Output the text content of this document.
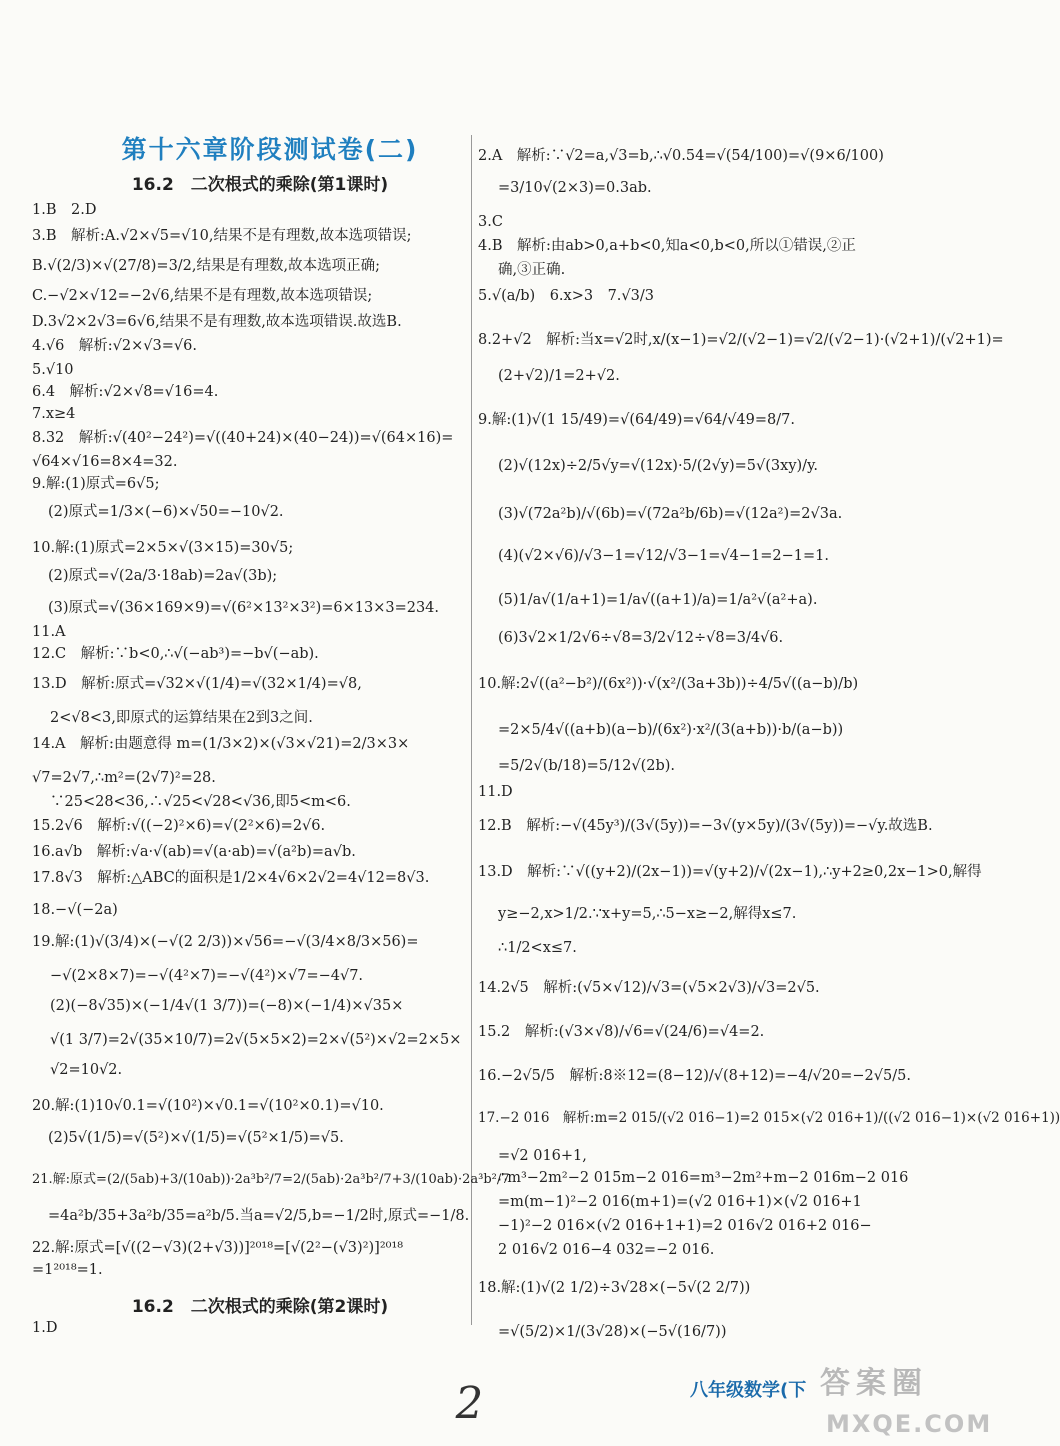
第十六章阶段测试卷(二)
16.2　二次根式的乘除(第1课时)
1.B　2.D
3.B　解析:A.√2×√5=√10,结果不是有理数,故本选项错误;
B.√(2/3)×√(27/8)=3/2,结果是有理数,故本选项正确;
C.−√2×√12=−2√6,结果不是有理数,故本选项错误;
D.3√2×2√3=6√6,结果不是有理数,故本选项错误.故选B.
4.√6　解析:√2×√3=√6.
5.√10
6.4　解析:√2×√8=√16=4.
7.x≥4
8.32　解析:√(40²−24²)=√((40+24)×(40−24))=√(64×16)=
√64×√16=8×4=32.
9.解:(1)原式=6√5;
(2)原式=1/3×(−6)×√50=−10√2.
10.解:(1)原式=2×5×√(3×15)=30√5;
(2)原式=√(2a/3·18ab)=2a√(3b);
(3)原式=√(36×169×9)=√(6²×13²×3²)=6×13×3=234.
11.A
12.C　解析:∵b<0,∴√(−ab³)=−b√(−ab).
13.D　解析:原式=√32×√(1/4)=√(32×1/4)=√8,
2<√8<3,即原式的运算结果在2到3之间.
14.A　解析:由题意得 m=(1/3×2)×(√3×√21)=2/3×3×
√7=2√7,∴m²=(2√7)²=28.
∵25<28<36,∴√25<√28<√36,即5<m<6.
15.2√6　解析:√((−2)²×6)=√(2²×6)=2√6.
16.a√b　解析:√a·√(ab)=√(a·ab)=√(a²b)=a√b.
17.8√3　解析:△ABC的面积是1/2×4√6×2√2=4√12=8√3.
18.−√(−2a)
19.解:(1)√(3/4)×(−√(2 2/3))×√56=−√(3/4×8/3×56)=
−√(2×8×7)=−√(4²×7)=−√(4²)×√7=−4√7.
(2)(−8√35)×(−1/4√(1 3/7))=(−8)×(−1/4)×√35×
√(1 3/7)=2√(35×10/7)=2√(5×5×2)=2×√(5²)×√2=2×5×
√2=10√2.
20.解:(1)10√0.1=√(10²)×√0.1=√(10²×0.1)=√10.
(2)5√(1/5)=√(5²)×√(1/5)=√(5²×1/5)=√5.
21.解:原式=(2/(5ab)+3/(10ab))·2a³b²/7=2/(5ab)·2a³b²/7+3/(10ab)·2a³b²/7
=4a²b/35+3a²b/35=a²b/5.当a=√2/5,b=−1/2时,原式=−1/8.
22.解:原式=[√((2−√3)(2+√3))]²⁰¹⁸=[√(2²−(√3)²)]²⁰¹⁸
=1²⁰¹⁸=1.
1.D
16.2　二次根式的乘除(第2课时)
2.A　解析:∵√2=a,√3=b,∴√0.54=√(54/100)=√(9×6/100)
=3/10√(2×3)=0.3ab.
3.C
4.B　解析:由ab>0,a+b<0,知a<0,b<0,所以①错误,②正
确,③正确.
5.√(a/b)　6.x>3　7.√3/3
8.2+√2　解析:当x=√2时,x/(x−1)=√2/(√2−1)=√2/(√2−1)·(√2+1)/(√2+1)=
(2+√2)/1=2+√2.
9.解:(1)√(1 15/49)=√(64/49)=√64/√49=8/7.
(2)√(12x)÷2/5√y=√(12x)·5/(2√y)=5√(3xy)/y.
(3)√(72a²b)/√(6b)=√(72a²b/6b)=√(12a²)=2√3a.
(4)(√2×√6)/√3−1=√12/√3−1=√4−1=2−1=1.
(5)1/a√(1/a+1)=1/a√((a+1)/a)=1/a²√(a²+a).
(6)3√2×1/2√6÷√8=3/2√12÷√8=3/4√6.
10.解:2√((a²−b²)/(6x²))·√(x²/(3a+3b))÷4/5√((a−b)/b)
=2×5/4√((a+b)(a−b)/(6x²)·x²/(3(a+b))·b/(a−b))
=5/2√(b/18)=5/12√(2b).
11.D
12.B　解析:−√(45y³)/(3√(5y))=−3√(y×5y)/(3√(5y))=−√y.故选B.
13.D　解析:∵√((y+2)/(2x−1))=√(y+2)/√(2x−1),∴y+2≥0,2x−1>0,解得
y≥−2,x>1/2.∵x+y=5,∴5−x≥−2,解得x≤7.
∴1/2<x≤7.
14.2√5　解析:(√5×√12)/√3=(√5×2√3)/√3=2√5.
15.2　解析:(√3×√8)/√6=√(24/6)=√4=2.
16.−2√5/5　解析:8※12=(8−12)/√(8+12)=−4/√20=−2√5/5.
17.−2 016　解析:m=2 015/(√2 016−1)=2 015×(√2 016+1)/((√2 016−1)×(√2 016+1))
=√2 016+1,
∴m³−2m²−2 015m−2 016=m³−2m²+m−2 016m−2 016
=m(m−1)²−2 016(m+1)=(√2 016+1)×(√2 016+1
−1)²−2 016×(√2 016+1+1)=2 016√2 016+2 016−
2 016√2 016−4 032=−2 016.
18.解:(1)√(2 1/2)÷3√28×(−5√(2 2/7))
=√(5/2)×1/(3√28)×(−5√(16/7))
2	八年级数学(下 答案圈
MXQE.COM
